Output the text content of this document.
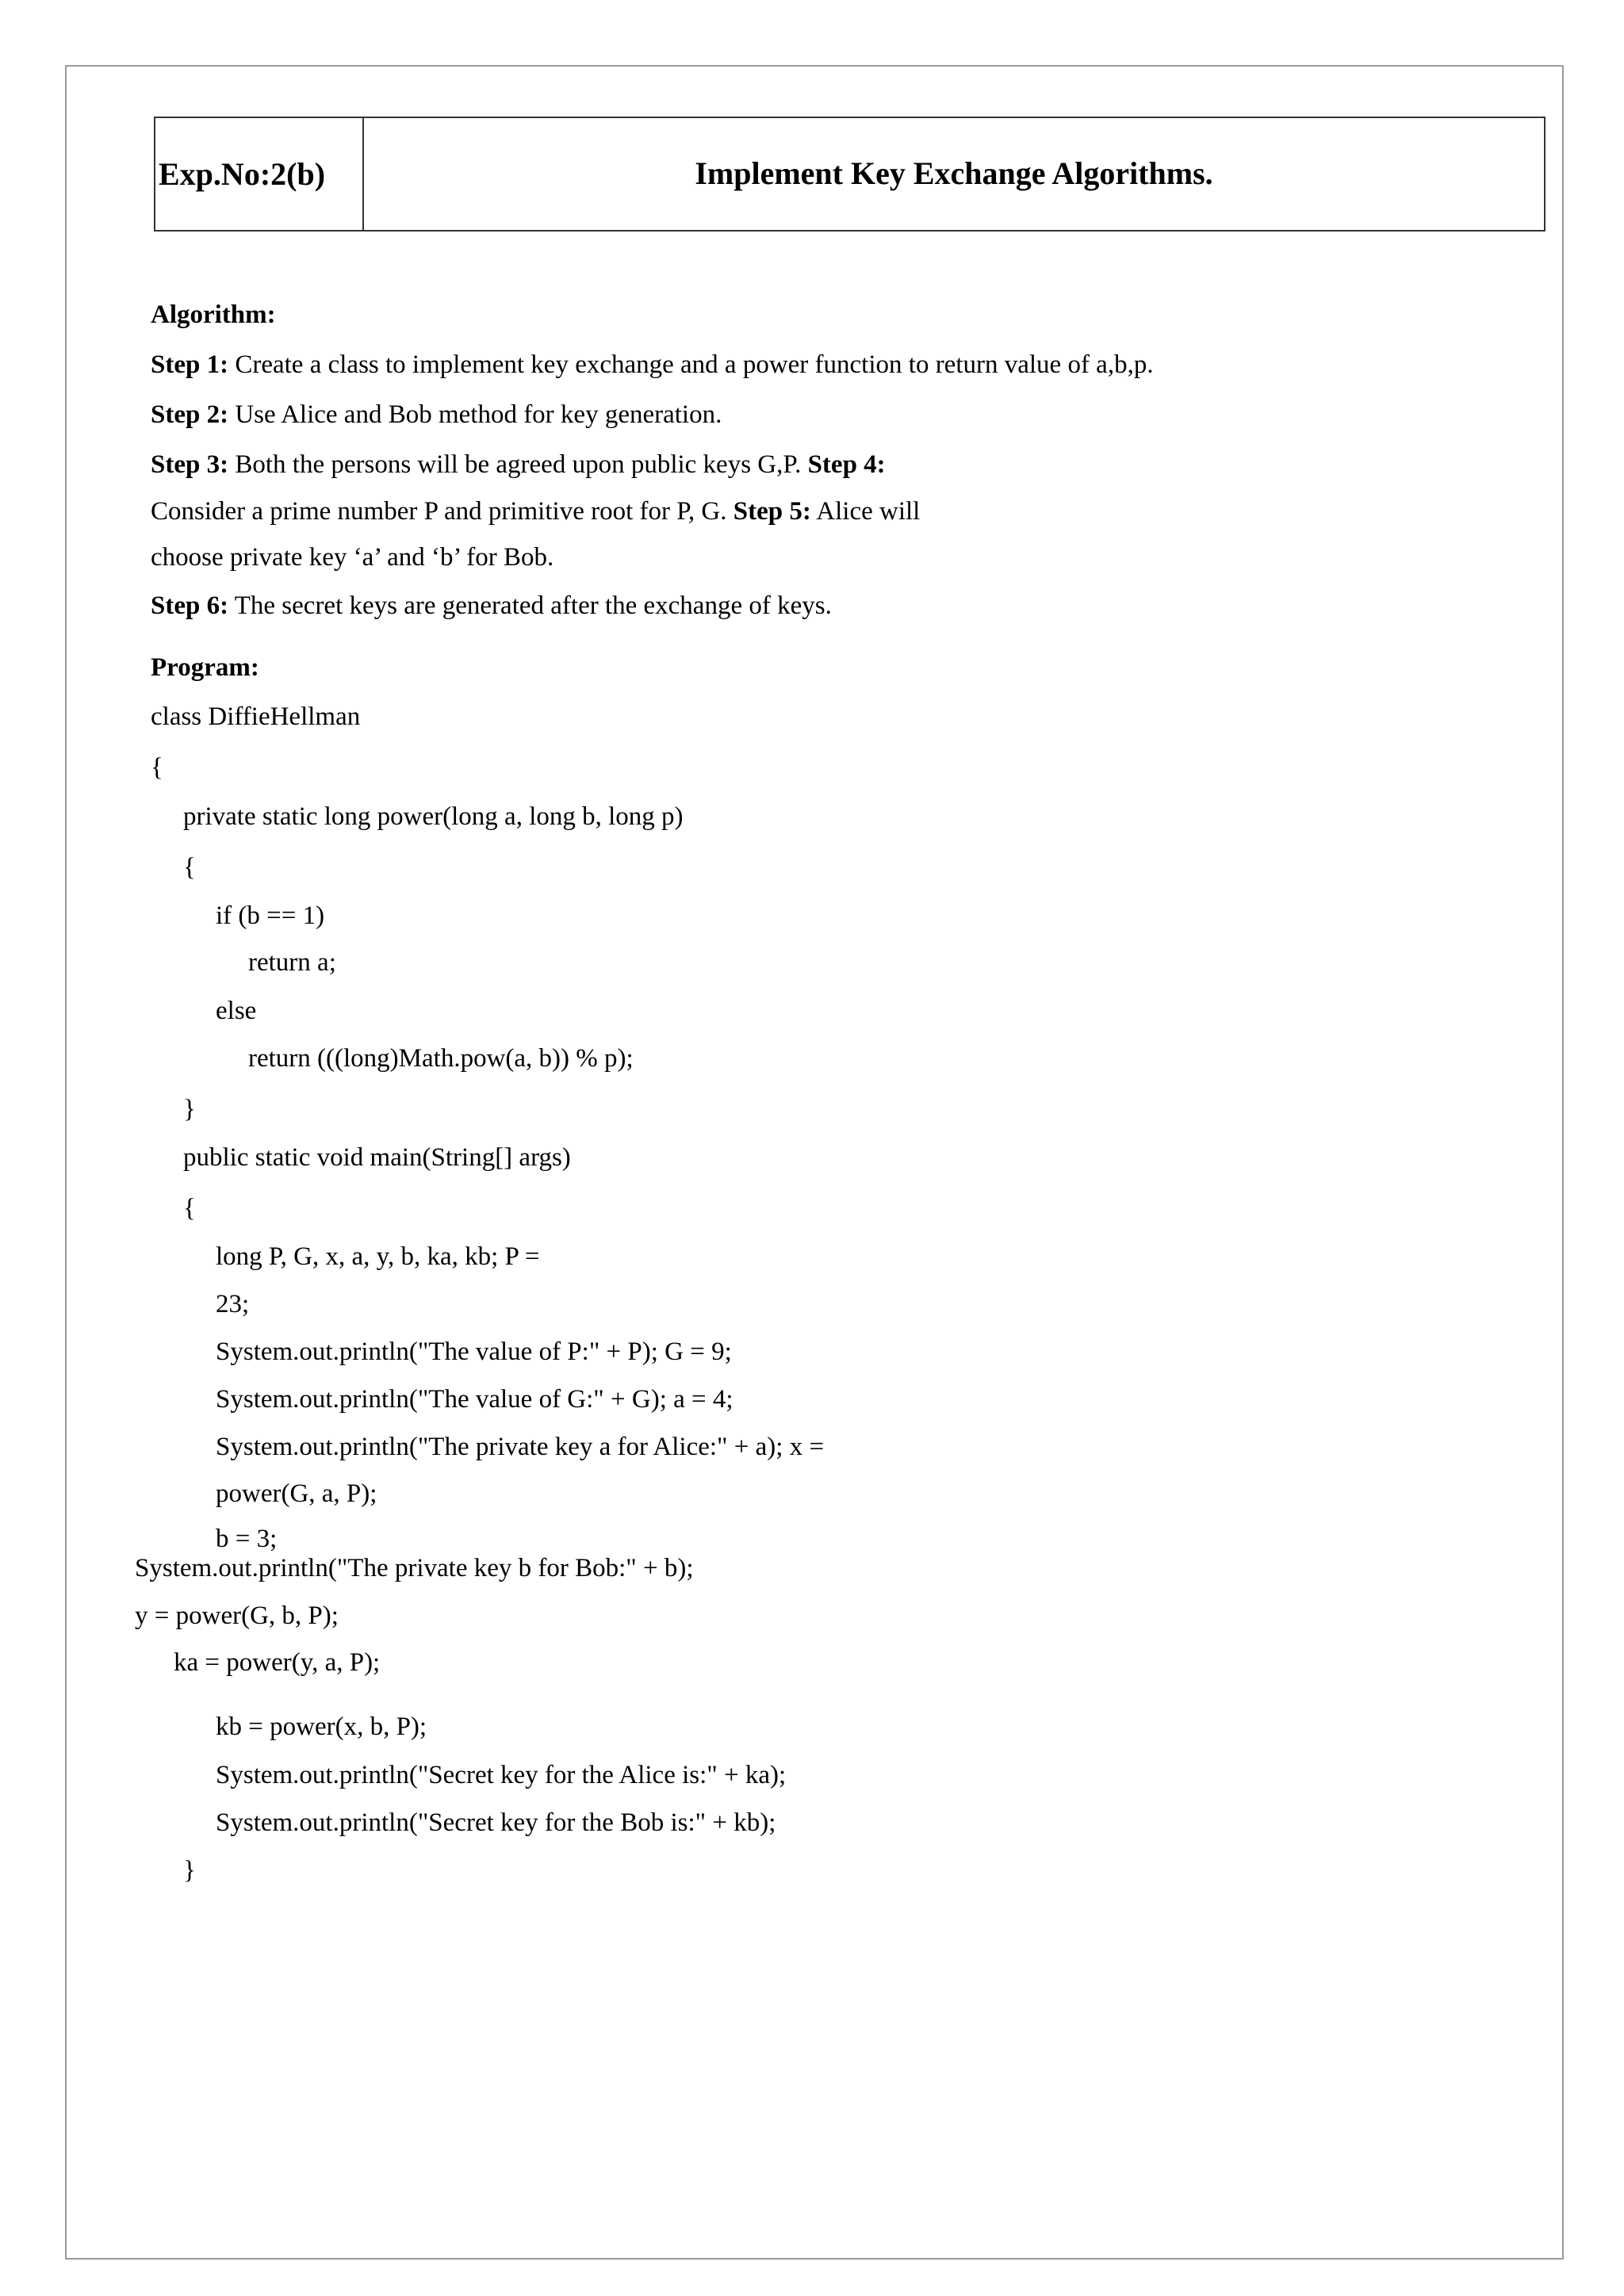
Exp.No:2(b)	Implement Key Exchange Algorithms.
Algorithm:
Step 1: Create a class to implement key exchange and a power function to return value of a,b,p.
Step 2: Use Alice and Bob method for key generation.
Step 3: Both the persons will be agreed upon public keys G,P. Step 4:
Consider a prime number P and primitive root for P, G. Step 5: Alice will
choose private key ‘a’ and ‘b’ for Bob.
Step 6: The secret keys are generated after the exchange of keys.
Program:
class DiffieHellman
{
private static long power(long a, long b, long p)
{
if (b == 1)
return a;
else
return (((long)Math.pow(a, b)) % p);
}
public static void main(String[] args)
{
long P, G, x, a, y, b, ka, kb; P =
23;
System.out.println("The value of P:" + P); G = 9;
System.out.println("The value of G:" + G); a = 4;
System.out.println("The private key a for Alice:" + a); x =
power(G, a, P);
b = 3;
System.out.println("The private key b for Bob:" + b);
y = power(G, b, P);
ka = power(y, a, P);
kb = power(x, b, P);
System.out.println("Secret key for the Alice is:" + ka);
System.out.println("Secret key for the Bob is:" + kb);
}
